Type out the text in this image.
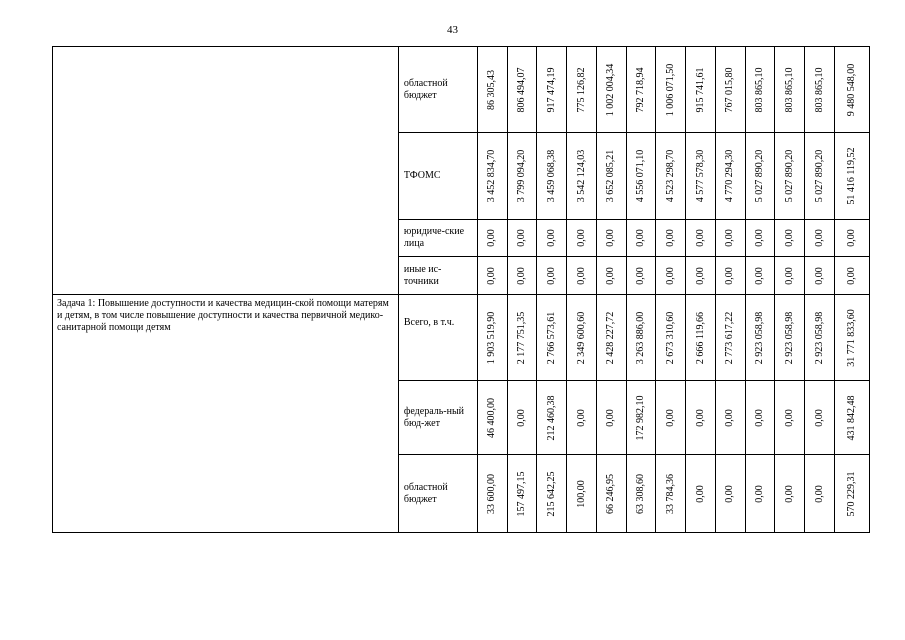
43
	областной бюджет	86 305,43	806 494,07	917 474,19	775 126,82	1 002 004,34	792 718,94	1 006 071,50	915 741,61	767 015,80	803 865,10	803 865,10	803 865,10	9 480 548,00

	ТФОМС	3 452 834,70	3 799 094,20	3 459 068,38	3 542 124,03	3 652 085,21	4 556 071,10	4 523 298,70	4 577 578,30	4 770 294,30	5 027 890,20	5 027 890,20	5 027 890,20	51 416 119,52

	юридиче-ские лица	0,00	0,00	0,00	0,00	0,00	0,00	0,00	0,00	0,00	0,00	0,00	0,00	0,00

	иные ис-точники	0,00	0,00	0,00	0,00	0,00	0,00	0,00	0,00	0,00	0,00	0,00	0,00	0,00

Задача 1: Повышение доступности и качества медицин-ской помощи матерям и детям, в том числе повышение доступности и качества первичной медико-санитарной помощи детям	Всего, в т.ч.	1 903 519,90	2 177 751,35	2 766 573,61	2 349 600,60	2 428 227,72	3 263 886,00	2 673 310,60	2 666 119,66	2 773 617,22	2 923 058,98	2 923 058,98	2 923 058,98	31 771 833,60

	федераль-ный бюд-жет	46 400,00	0,00	212 460,38	0,00	0,00	172 982,10	0,00	0,00	0,00	0,00	0,00	0,00	431 842,48

	областной бюджет	33 600,00	157 497,15	215 642,25	100,00	66 246,95	63 308,60	33 784,36	0,00	0,00	0,00	0,00	0,00	570 229,31
